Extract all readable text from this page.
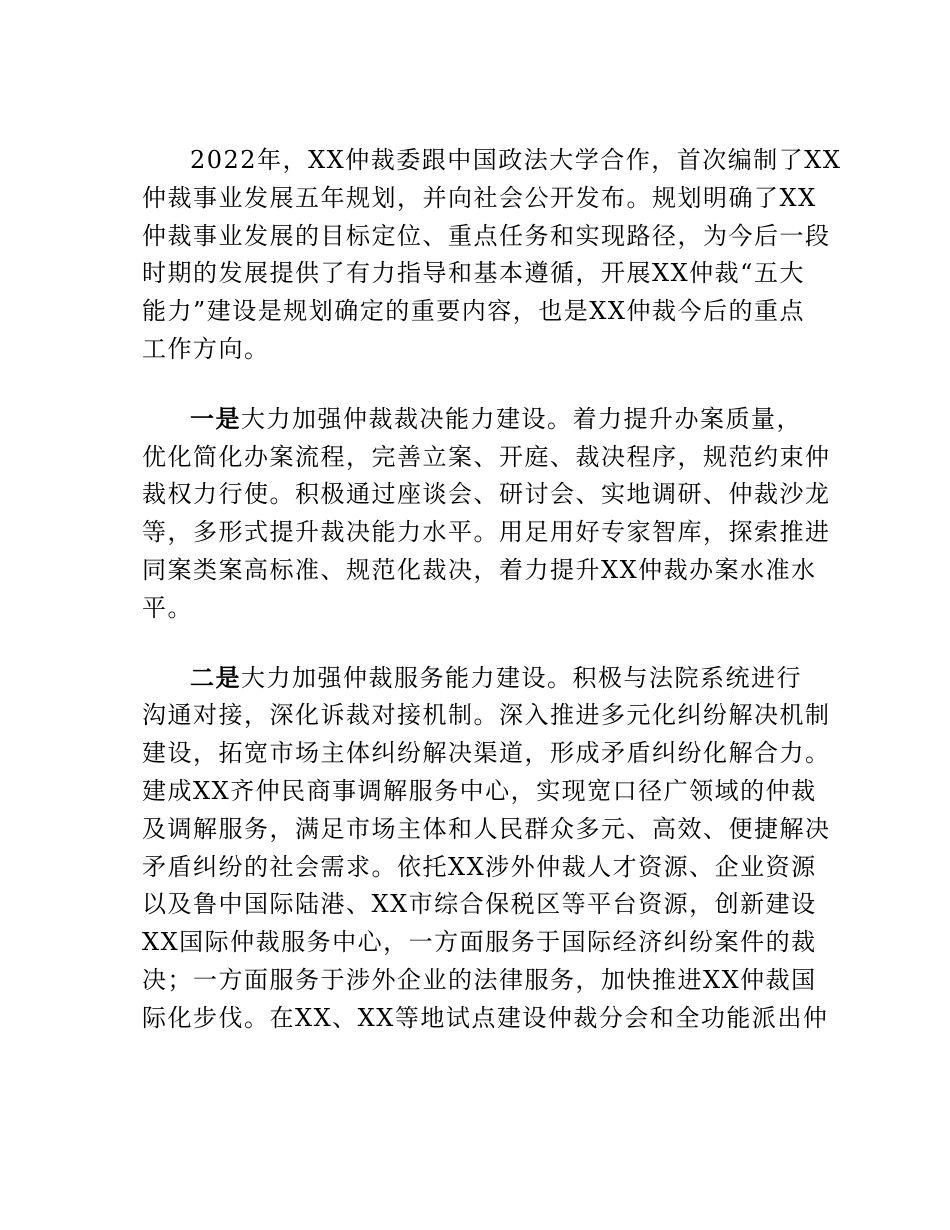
2022年，XX仲裁委跟中国政法大学合作，首次编制了XX
仲裁事业发展五年规划，并向社会公开发布。规划明确了XX
仲裁事业发展的目标定位、重点任务和实现路径，为今后一段
时期的发展提供了有力指导和基本遵循，开展XX仲裁“五大
能力”建设是规划确定的重要内容，也是XX仲裁今后的重点
工作方向。
一是大力加强仲裁裁决能力建设。着力提升办案质量，
优化简化办案流程，完善立案、开庭、裁决程序，规范约束仲
裁权力行使。积极通过座谈会、研讨会、实地调研、仲裁沙龙
等，多形式提升裁决能力水平。用足用好专家智库，探索推进
同案类案高标准、规范化裁决，着力提升XX仲裁办案水准水
平。
二是大力加强仲裁服务能力建设。积极与法院系统进行
沟通对接，深化诉裁对接机制。深入推进多元化纠纷解决机制
建设，拓宽市场主体纠纷解决渠道，形成矛盾纠纷化解合力。
建成XX齐仲民商事调解服务中心，实现宽口径广领域的仲裁
及调解服务，满足市场主体和人民群众多元、高效、便捷解决
矛盾纠纷的社会需求。依托XX涉外仲裁人才资源、企业资源
以及鲁中国际陆港、XX市综合保税区等平台资源，创新建设
XX国际仲裁服务中心，一方面服务于国际经济纠纷案件的裁
决；一方面服务于涉外企业的法律服务，加快推进XX仲裁国
际化步伐。在XX、XX等地试点建设仲裁分会和全功能派出仲
